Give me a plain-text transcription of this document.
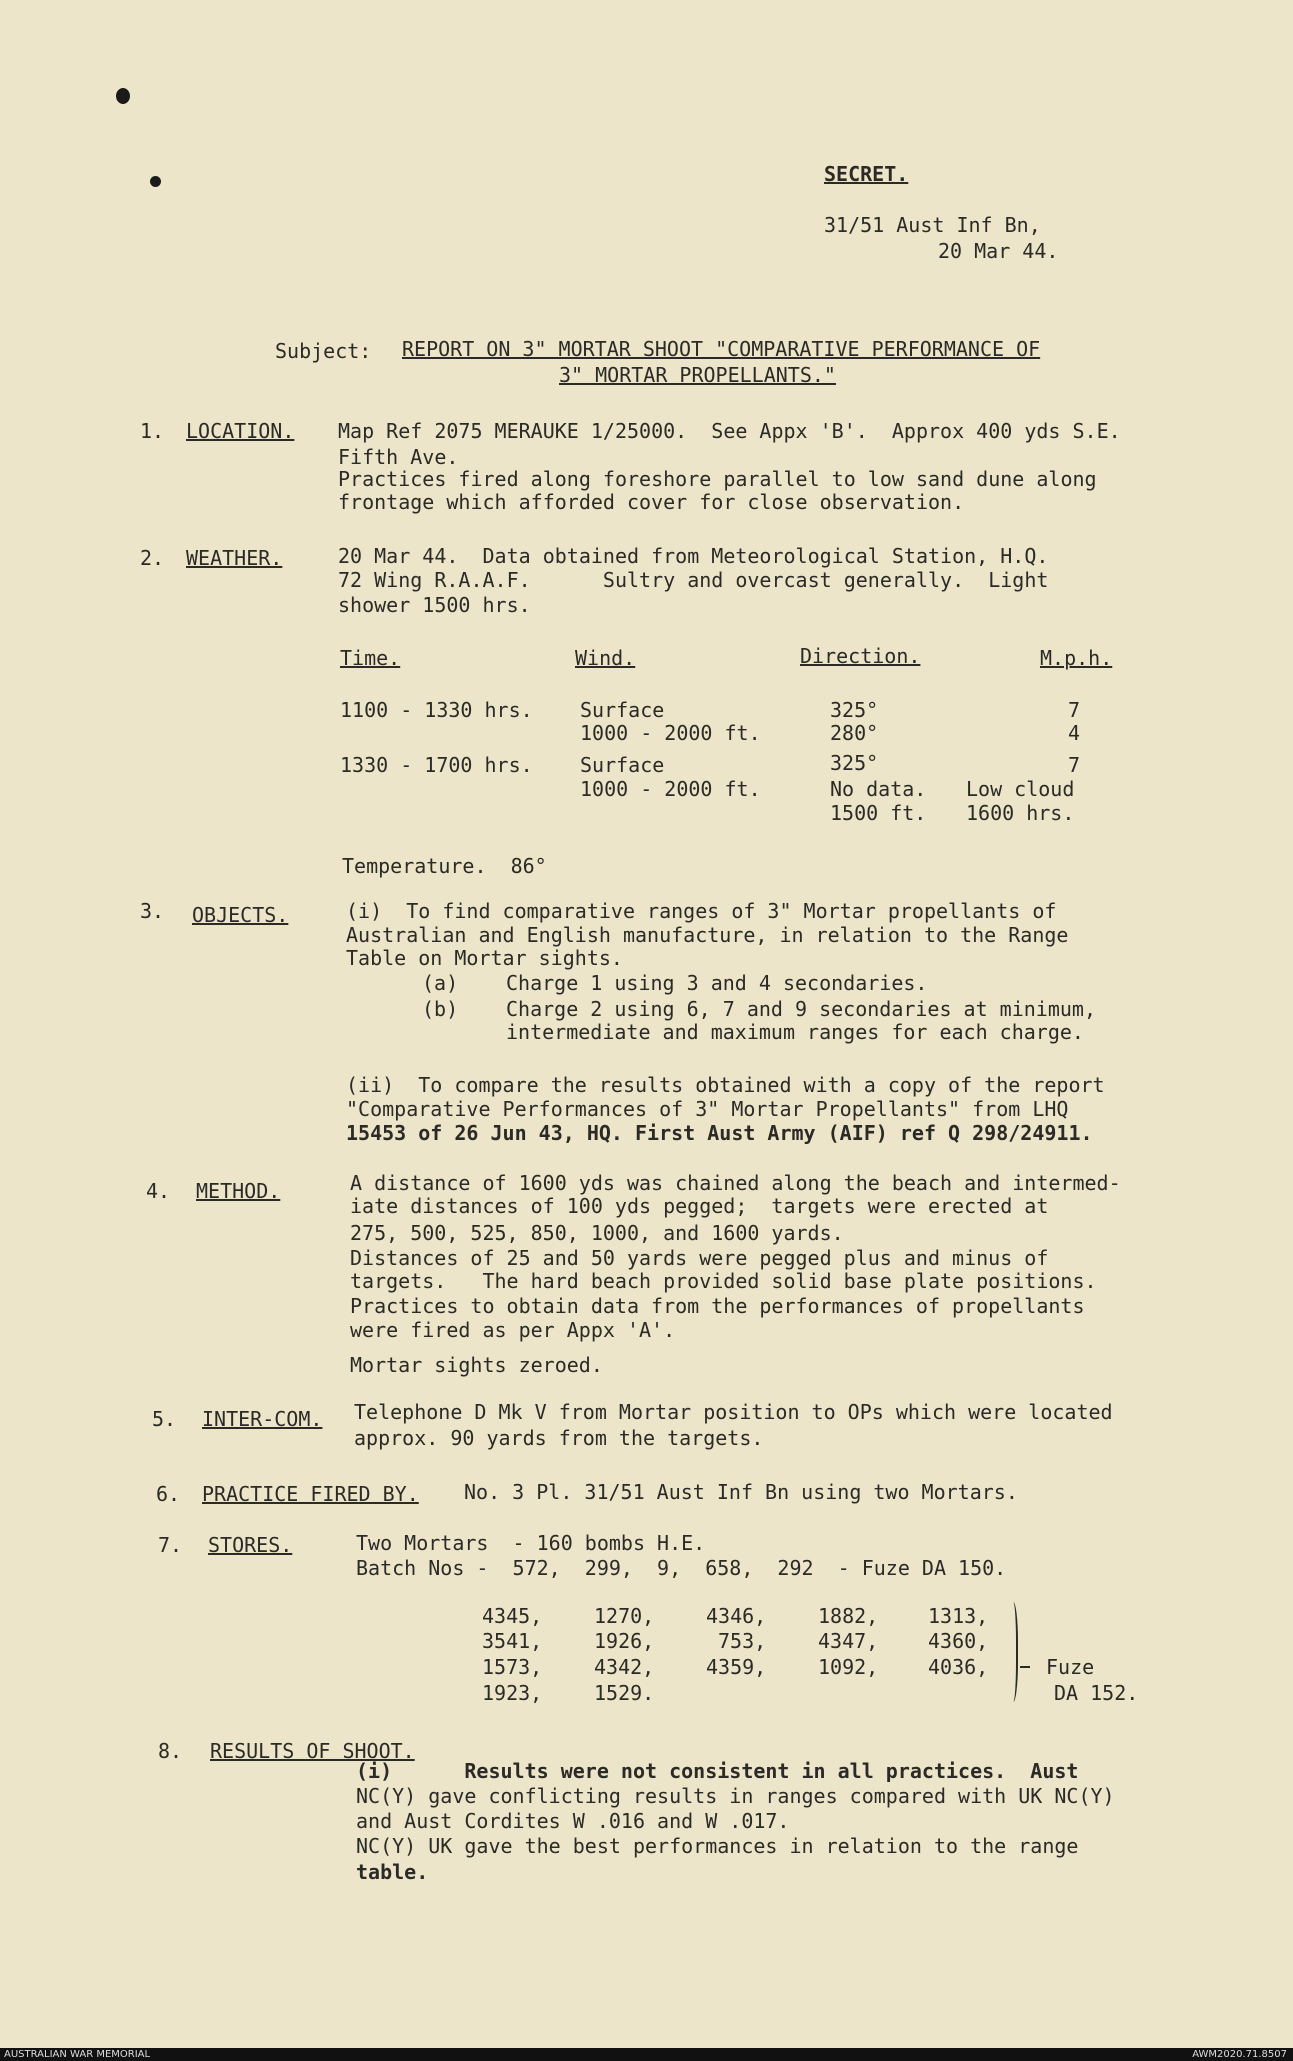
SECRET.
31/51 Aust Inf Bn,
20 Mar 44.
Subject: REPORT ON 3" MORTAR SHOOT "COMPARATIVE PERFORMANCE OF
3" MORTAR PROPELLANTS."
1. LOCATION. Map Ref 2075 MERAUKE 1/25000.  See Appx 'B'.  Approx 400 yds S.E.
Fifth Ave.
Practices fired along foreshore parallel to low sand dune along
frontage which afforded cover for close observation.
2. WEATHER.	20 Mar 44.  Data obtained from Meteorological Station, H.Q.
72 Wing R.A.A.F.      Sultry and overcast generally.  Light
shower 1500 hrs.
Time.	Wind.	Direction.	M.p.h.
1100 - 1330 hrs. Surface	325°	7
1000 - 2000 ft.	280°	4
1330 - 1700 hrs. Surface	325°	7
1000 - 2000 ft.	No data. Low cloud
1500 ft. 1600 hrs.
Temperature.  86°
3. OBJECTS.	(i)  To find comparative ranges of 3" Mortar propellants of
Australian and English manufacture, in relation to the Range
Table on Mortar sights.
(a) Charge 1 using 3 and 4 secondaries.
(b) Charge 2 using 6, 7 and 9 secondaries at minimum,
intermediate and maximum ranges for each charge.
(ii)  To compare the results obtained with a copy of the report
"Comparative Performances of 3" Mortar Propellants" from LHQ
15453 of 26 Jun 43, HQ. First Aust Army (AIF) ref Q 298/24911.
4. METHOD.	A distance of 1600 yds was chained along the beach and intermed-
iate distances of 100 yds pegged;  targets were erected at
275, 500, 525, 850, 1000, and 1600 yards.
Distances of 25 and 50 yards were pegged plus and minus of
targets.   The hard beach provided solid base plate positions.
Practices to obtain data from the performances of propellants
were fired as per Appx 'A'.
Mortar sights zeroed.
5. INTER-COM. Telephone D Mk V from Mortar position to OPs which were located
approx. 90 yards from the targets.
6. PRACTICE FIRED BY. No. 3 Pl. 31/51 Aust Inf Bn using two Mortars.
7. STORES.	Two Mortars  - 160 bombs H.E.
Batch Nos -  572,  299,  9,  658,  292  - Fuze DA 150.
4345,	1270,	4346,	1882, 1313,
3541,	1926,	753,	4347, 4360,
1573,	4342,	4359,	1092, 4036,
1923,	1529.
Fuze
DA 152.
8. RESULTS OF SHOOT.
(i)      Results were not consistent in all practices.  Aust
NC(Y) gave conflicting results in ranges compared with UK NC(Y)
and Aust Cordites W .016 and W .017.
NC(Y) UK gave the best performances in relation to the range
table.
AUSTRALIAN WAR MEMORIAL	AWM2020.71.8507
